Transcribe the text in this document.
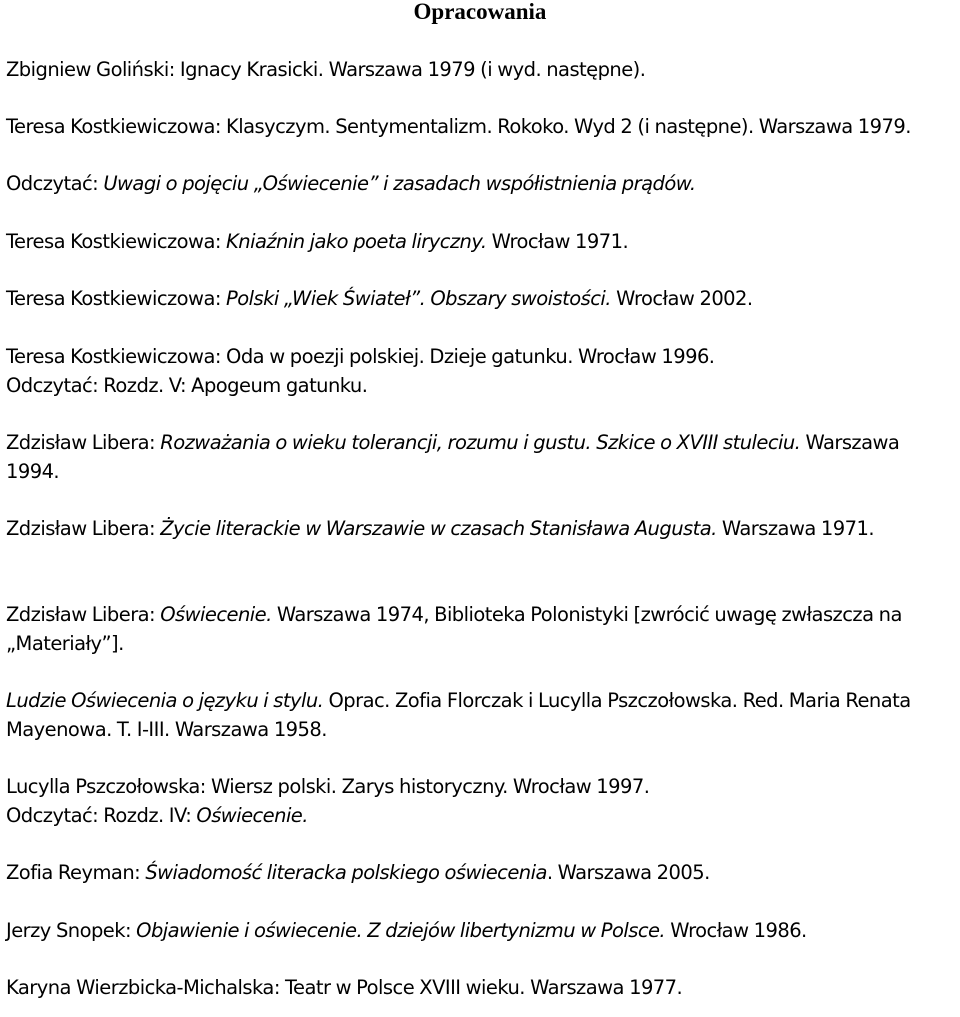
Opracowania

Zbigniew Goliński: Ignacy Krasicki. Warszawa 1979 (i wyd. następne).

Teresa Kostkiewiczowa: Klasyczym. Sentymentalizm. Rokoko. Wyd 2 (i następne). Warszawa 1979.

Odczytać: Uwagi o pojęciu „Oświecenie” i zasadach współistnienia prądów.

Teresa Kostkiewiczowa: Kniaźnin jako poeta liryczny. Wrocław 1971.

Teresa Kostkiewiczowa: Polski „Wiek Świateł”. Obszary swoistości. Wrocław 2002.

Teresa Kostkiewiczowa: Oda w poezji polskiej. Dzieje gatunku. Wrocław 1996.

Odczytać: Rozdz. V: Apogeum gatunku.

Zdzisław Libera: Rozważania o wieku tolerancji, rozumu i gustu. Szkice o XVIII stuleciu. Warszawa 1994.

Zdzisław Libera: Życie literackie w Warszawie w czasach Stanisława Augusta. Warszawa 1971.

Zdzisław Libera: Oświecenie. Warszawa 1974, Biblioteka Polonistyki [zwrócić uwagę zwłaszcza na „Materiały”].

Ludzie Oświecenia o języku i stylu. Oprac. Zofia Florczak i Lucylla Pszczołowska. Red. Maria Renata Mayenowa. T. I-III. Warszawa 1958.

Lucylla Pszczołowska: Wiersz polski. Zarys historyczny. Wrocław 1997.

Odczytać: Rozdz. IV: Oświecenie.

Zofia Reyman: Świadomość literacka polskiego oświecenia. Warszawa 2005.

Jerzy Snopek: Objawienie i oświecenie. Z dziejów libertynizmu w Polsce. Wrocław 1986.

Karyna Wierzbicka-Michalska: Teatr w Polsce XVIII wieku. Warszawa 1977.
